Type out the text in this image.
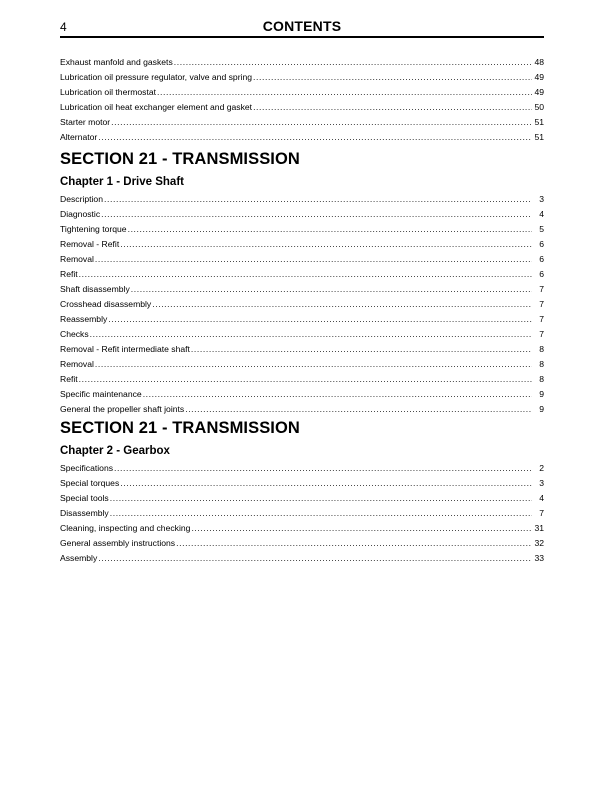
4	CONTENTS
Exhaust manfold and gaskets .....	48
Lubrication oil pressure regulator, valve and spring .....	49
Lubrication oil thermostat .....	49
Lubrication oil heat exchanger element and gasket .....	50
Starter motor .....	51
Alternator .....	51
SECTION 21 - TRANSMISSION
Chapter 1 - Drive Shaft
Description .....	3
Diagnostic .....	4
Tightening torque .....	5
Removal - Refit .....	6
Removal .....	6
Refit .....	6
Shaft disassembly .....	7
Crosshead disassembly .....	7
Reassembly .....	7
Checks .....	7
Removal - Refit intermediate shaft .....	8
Removal .....	8
Refit .....	8
Specific maintenance .....	9
General the propeller shaft joints .....	9
SECTION 21 - TRANSMISSION
Chapter 2 - Gearbox
Specifications .....	2
Special torques .....	3
Special tools .....	4
Disassembly .....	7
Cleaning, inspecting and checking .....	31
General assembly instructions .....	32
Assembly .....	33
